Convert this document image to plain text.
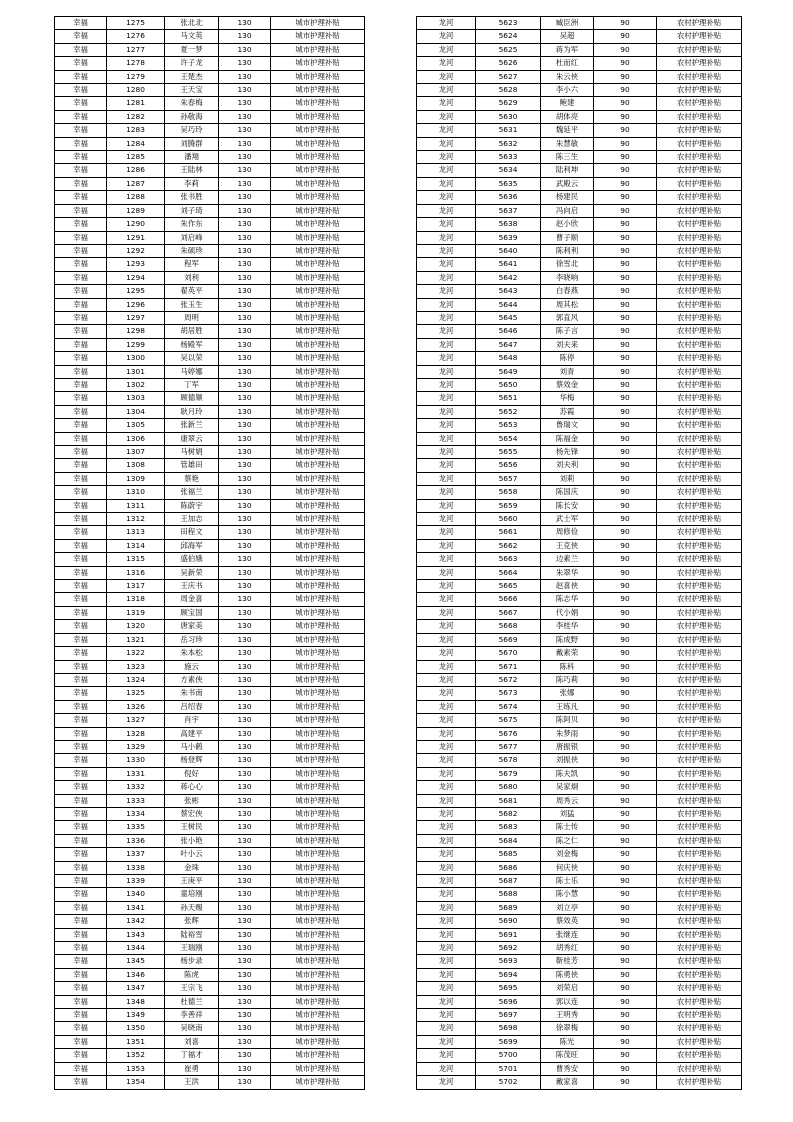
幸福	1275	张北北	130	城市护理补贴
幸福	1276	马文英	130	城市护理补贴
幸福	1277	夏一梦	130	城市护理补贴
幸福	1278	许子龙	130	城市护理补贴
幸福	1279	王楚杰	130	城市护理补贴
幸福	1280	王天宝	130	城市护理补贴
幸福	1281	朱春梅	130	城市护理补贴
幸福	1282	孙敬海	130	城市护理补贴
幸福	1283	吴巧玲	130	城市护理补贴
幸福	1284	刘腾群	130	城市护理补贴
幸福	1285	潘翔	130	城市护理补贴
幸福	1286	王陆林	130	城市护理补贴
幸福	1287	李莉	130	城市护理补贴
幸福	1288	张书胜	130	城市护理补贴
幸福	1289	刘子琦	130	城市护理补贴
幸福	1290	朱作东	130	城市护理补贴
幸福	1291	刘启峰	130	城市护理补贴
幸福	1292	朱硕珍	130	城市护理补贴
幸福	1293	程军	130	城市护理补贴
幸福	1294	刘利	130	城市护理补贴
幸福	1295	翟英平	130	城市护理补贴
幸福	1296	张玉生	130	城市护理补贴
幸福	1297	周明	130	城市护理补贴
幸福	1298	胡居胜	130	城市护理补贴
幸福	1299	杨殿军	130	城市护理补贴
幸福	1300	吴以荣	130	城市护理补贴
幸福	1301	马婷娜	130	城市护理补贴
幸福	1302	丁军	130	城市护理补贴
幸福	1303	顾德顺	130	城市护理补贴
幸福	1304	耿月玲	130	城市护理补贴
幸福	1305	张新兰	130	城市护理补贴
幸福	1306	康翠云	130	城市护理补贴
幸福	1307	马树娟	130	城市护理补贴
幸福	1308	管雄田	130	城市护理补贴
幸福	1309	蔡艳	130	城市护理补贴
幸福	1310	张福兰	130	城市护理补贴
幸福	1311	陈蔚宇	130	城市护理补贴
幸福	1312	王加志	130	城市护理补贴
幸福	1313	田程文	130	城市护理补贴
幸福	1314	邱海军	130	城市护理补贴
幸福	1315	盛伯娥	130	城市护理补贴
幸福	1316	吴新荣	130	城市护理补贴
幸福	1317	王庆书	130	城市护理补贴
幸福	1318	周金喜	130	城市护理补贴
幸福	1319	顾宝国	130	城市护理补贴
幸福	1320	唐家美	130	城市护理补贴
幸福	1321	岳习珍	130	城市护理补贴
幸福	1322	朱本松	130	城市护理补贴
幸福	1323	施云	130	城市护理补贴
幸福	1324	方素侠	130	城市护理补贴
幸福	1325	朱书南	130	城市护理补贴
幸福	1326	吕绍春	130	城市护理补贴
幸福	1327	肖宇	130	城市护理补贴
幸福	1328	高建平	130	城市护理补贴
幸福	1329	马小鹤	130	城市护理补贴
幸福	1330	杨登辉	130	城市护理补贴
幸福	1331	倪好	130	城市护理补贴
幸福	1332	蒋心心	130	城市护理补贴
幸福	1333	张彬	130	城市护理补贴
幸福	1334	蔡宏侠	130	城市护理补贴
幸福	1335	王树民	130	城市护理补贴
幸福	1336	张小艳	130	城市护理补贴
幸福	1337	叶小云	130	城市护理补贴
幸福	1338	金珠	130	城市护理补贴
幸福	1339	王庚平	130	城市护理补贴
幸福	1340	童培刚	130	城市护理补贴
幸福	1341	孙天赐	130	城市护理补贴
幸福	1342	张辉	130	城市护理补贴
幸福	1343	陆裕雪	130	城市护理补贴
幸福	1344	王瑞刚	130	城市护理补贴
幸福	1345	杨步录	130	城市护理补贴
幸福	1346	陈虎	130	城市护理补贴
幸福	1347	王宗飞	130	城市护理补贴
幸福	1348	杜德兰	130	城市护理补贴
幸福	1349	李善祥	130	城市护理补贴
幸福	1350	吴晓南	130	城市护理补贴
幸福	1351	刘喜	130	城市护理补贴
幸福	1352	丁福才	130	城市护理补贴
幸福	1353	崔勇	130	城市护理补贴
幸福	1354	王洪	130	城市护理补贴
龙河	5623	臧臣洲	90	农村护理补贴
龙河	5624	吴超	90	农村护理补贴
龙河	5625	蒋为军	90	农村护理补贴
龙河	5626	杜而红	90	农村护理补贴
龙河	5627	朱云侠	90	农村护理补贴
龙河	5628	李小六	90	农村护理补贴
龙河	5629	鲍建	90	农村护理补贴
龙河	5630	胡体亮	90	农村护理补贴
龙河	5631	魏延平	90	农村护理补贴
龙河	5632	朱慧敏	90	农村护理补贴
龙河	5633	陈三生	90	农村护理补贴
龙河	5634	陆利坤	90	农村护理补贴
龙河	5635	武殿云	90	农村护理补贴
龙河	5636	杨建民	90	农村护理补贴
龙河	5637	冯向启	90	农村护理补贴
龙河	5638	赵小欣	90	农村护理补贴
龙河	5639	曹子顺	90	农村护理补贴
龙河	5640	陈利利	90	农村护理补贴
龙河	5641	徐雪北	90	农村护理补贴
龙河	5642	李晓响	90	农村护理补贴
龙河	5643	白春燕	90	农村护理补贴
龙河	5644	周其松	90	农村护理补贴
龙河	5645	郭直风	90	农村护理补贴
龙河	5646	陈子言	90	农村护理补贴
龙河	5647	刘夫来	90	农村护理补贴
龙河	5648	陈停	90	农村护理补贴
龙河	5649	刘青	90	农村护理补贴
龙河	5650	蔡效金	90	农村护理补贴
龙河	5651	华梅	90	农村护理补贴
龙河	5652	苏霞	90	农村护理补贴
龙河	5653	鲁瑞文	90	农村护理补贴
龙河	5654	陈福金	90	农村护理补贴
龙河	5655	杨先锋	90	农村护理补贴
龙河	5656	刘夫利	90	农村护理补贴
龙河	5657	刘莉	90	农村护理补贴
龙河	5658	陈国庆	90	农村护理补贴
龙河	5659	陈长安	90	农村护理补贴
龙河	5660	武士军	90	农村护理补贴
龙河	5661	周修俭	90	农村护理补贴
龙河	5662	王克侠	90	农村护理补贴
龙河	5663	边素兰	90	农村护理补贴
龙河	5664	朱翠华	90	农村护理补贴
龙河	5665	赵喜侠	90	农村护理补贴
龙河	5666	陈志华	90	农村护理补贴
龙河	5667	代小娟	90	农村护理补贴
龙河	5668	李桂华	90	农村护理补贴
龙河	5669	陈成野	90	农村护理补贴
龙河	5670	戴素荣	90	农村护理补贴
龙河	5671	陈科	90	农村护理补贴
龙河	5672	陈巧莉	90	农村护理补贴
龙河	5673	张娜	90	农村护理补贴
龙河	5674	王练凡	90	农村护理补贴
龙河	5675	陈阿贝	90	农村护理补贴
龙河	5676	朱梦雨	90	农村护理补贴
龙河	5677	唐振银	90	农村护理补贴
龙河	5678	刘振侠	90	农村护理补贴
龙河	5679	陈夫凯	90	农村护理补贴
龙河	5680	吴家炯	90	农村护理补贴
龙河	5681	周秀云	90	农村护理补贴
龙河	5682	刘猛	90	农村护理补贴
龙河	5683	陈士传	90	农村护理补贴
龙河	5684	陈之仁	90	农村护理补贴
龙河	5685	刘金梅	90	农村护理补贴
龙河	5686	何庆侠	90	农村护理补贴
龙河	5687	陈士乐	90	农村护理补贴
龙河	5688	陈小慧	90	农村护理补贴
龙河	5689	刘立亭	90	农村护理补贴
龙河	5690	蔡效英	90	农村护理补贴
龙河	5691	张继连	90	农村护理补贴
龙河	5692	胡秀红	90	农村护理补贴
龙河	5693	靳桂芳	90	农村护理补贴
龙河	5694	陈勇侠	90	农村护理补贴
龙河	5695	刘荣启	90	农村护理补贴
龙河	5696	郭以连	90	农村护理补贴
龙河	5697	王明秀	90	农村护理补贴
龙河	5698	徐翠梅	90	农村护理补贴
龙河	5699	陈光	90	农村护理补贴
龙河	5700	陈茂旺	90	农村护理补贴
龙河	5701	曹秀安	90	农村护理补贴
龙河	5702	戴家喜	90	农村护理补贴
